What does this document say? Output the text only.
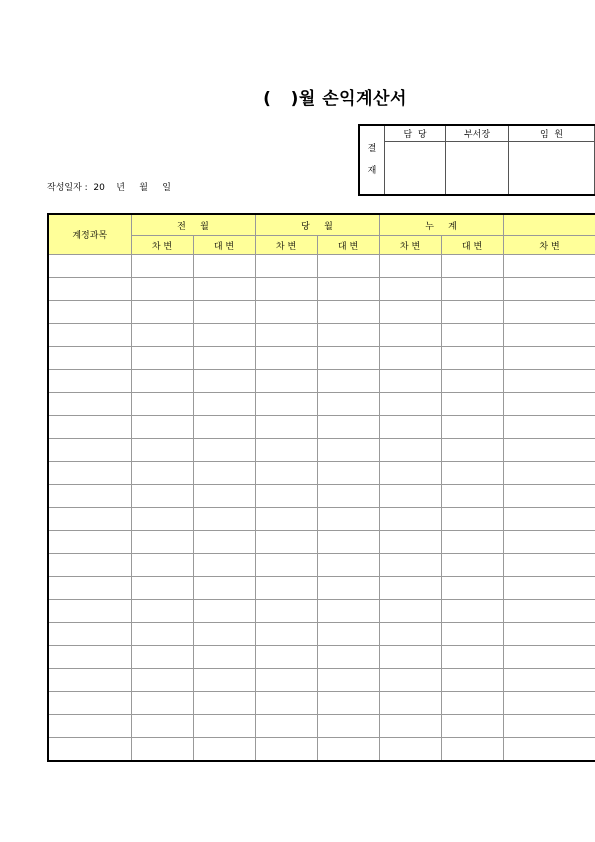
(   )월 손익계산서
결
재	담  당	부서장	임  원

작성일자 :  20    년     월     일
계정과목	전     월		당     월		누     계		
	차 변	대 변	차 변	대 변	차 변	대 변	차 변
